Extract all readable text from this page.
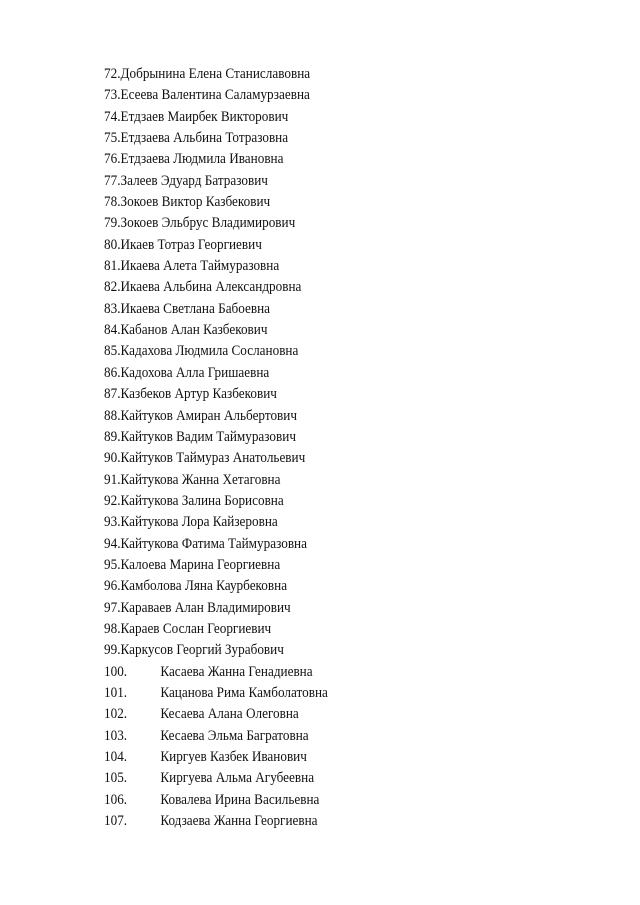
72.Добрынина Елена Станиславовна
73.Есеева Валентина Саламурзаевна
74.Етдзаев Маирбек Викторович
75.Етдзаева Альбина Тотразовна
76.Етдзаева Людмила Ивановна
77.Залеев Эдуард Батразович
78.Зокоев Виктор Казбекович
79.Зокоев Эльбрус Владимирович
80.Икаев Тотраз Георгиевич
81.Икаева Алета Таймуразовна
82.Икаева Альбина Александровна
83.Икаева Светлана Бабоевна
84.Кабанов Алан Казбекович
85.Кадахова Людмила Сослановна
86.Кадохова Алла Гришаевна
87.Казбеков Артур Казбекович
88.Кайтуков Амиран Альбертович
89.Кайтуков Вадим Таймуразович
90.Кайтуков Таймураз Анатольевич
91.Кайтукова Жанна Хетаговна
92.Кайтукова Залина Борисовна
93.Кайтукова Лора Кайзеровна
94.Кайтукова Фатима Таймуразовна
95.Калоева Марина Георгиевна
96.Камболова Ляна Каурбековна
97.Караваев Алан Владимирович
98.Караев Сослан Георгиевич
99.Каркусов Георгий Зурабович
100. Касаева Жанна Генадиевна
101. Кацанова Рима Камболатовна
102. Кесаева Алана Олеговна
103. Кесаева Эльма Багратовна
104. Киргуев Казбек Иванович
105. Киргуева Альма Агубеевна
106. Ковалева Ирина Васильевна
107. Кодзаева Жанна Георгиевна
